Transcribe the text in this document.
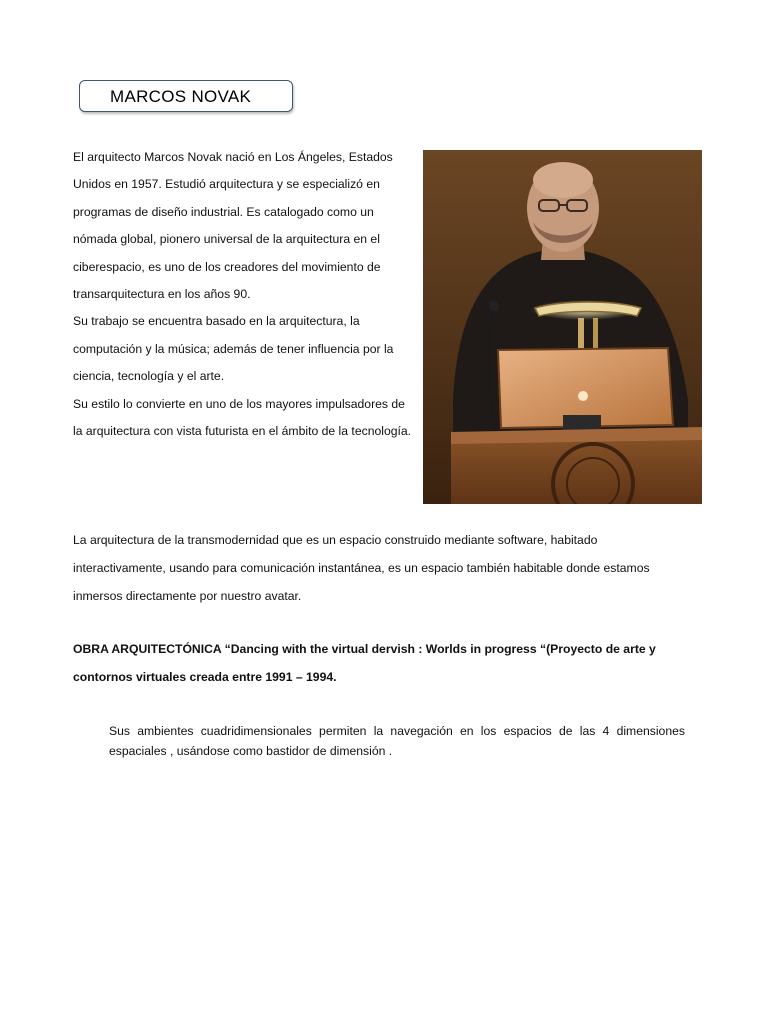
MARCOS NOVAK

El arquitecto Marcos Novak nació en Los Ángeles, Estados Unidos en 1957. Estudió arquitectura y se especializó en programas de diseño industrial. Es catalogado como un nómada global, pionero universal de la arquitectura en el ciberespacio, es uno de los creadores del movimiento de transarquitectura en los años 90.

Su trabajo se encuentra basado en la arquitectura, la computación y la música; además de tener influencia por la ciencia, tecnología y el arte.

Su estilo lo convierte en uno de los mayores impulsadores de la arquitectura con vista futurista en el ámbito de la tecnología.

La arquitectura de la transmodernidad que es un espacio construido mediante software, habitado interactivamente, usando para comunicación instantánea, es un espacio también habitable donde estamos inmersos directamente por nuestro avatar.

OBRA ARQUITECTÓNICA “Dancing with the virtual dervish : Worlds in progress “(Proyecto de arte y contornos virtuales creada entre 1991 – 1994.

Sus ambientes cuadridimensionales permiten la navegación en los espacios de las 4 dimensiones espaciales , usándose como bastidor de dimensión .
